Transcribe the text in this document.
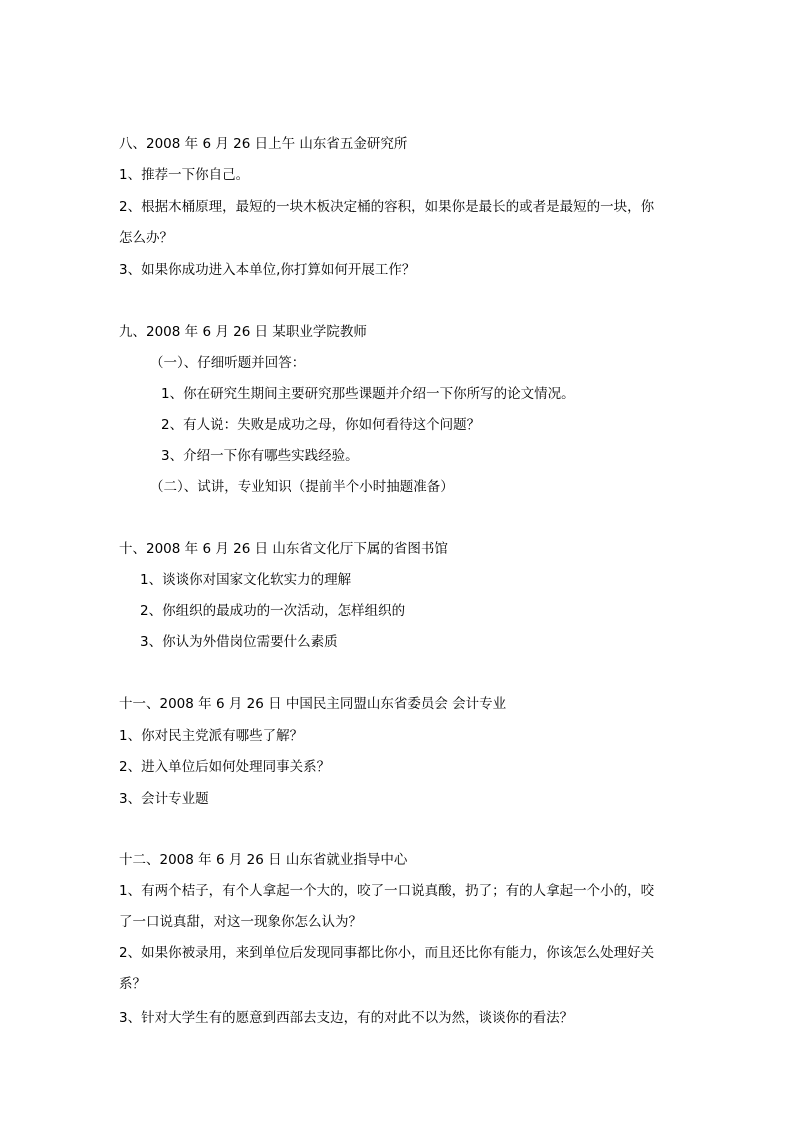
八、2008 年 6 月 26 日上午 山东省五金研究所
1、推荐一下你自己。
2、根据木桶原理，最短的一块木板决定桶的容积，如果你是最长的或者是最短的一块，你
怎么办？
3、如果你成功进入本单位,你打算如何开展工作？
九、2008 年 6 月 26 日 某职业学院教师
（一）、仔细听题并回答：
1、你在研究生期间主要研究那些课题并介绍一下你所写的论文情况。
2、有人说：失败是成功之母，你如何看待这个问题？
3、介绍一下你有哪些实践经验。
（二）、试讲，专业知识（提前半个小时抽题准备）
十、2008 年 6 月 26 日 山东省文化厅下属的省图书馆
1、谈谈你对国家文化软实力的理解
2、你组织的最成功的一次活动，怎样组织的
3、你认为外借岗位需要什么素质
十一、2008 年 6 月 26 日 中国民主同盟山东省委员会 会计专业
1、你对民主党派有哪些了解？
2、进入单位后如何处理同事关系？
3、会计专业题
十二、2008 年 6 月 26 日 山东省就业指导中心
1、有两个桔子，有个人拿起一个大的，咬了一口说真酸，扔了；有的人拿起一个小的，咬
了一口说真甜，对这一现象你怎么认为？
2、如果你被录用，来到单位后发现同事都比你小，而且还比你有能力，你该怎么处理好关
系？
3、针对大学生有的愿意到西部去支边，有的对此不以为然，谈谈你的看法？
